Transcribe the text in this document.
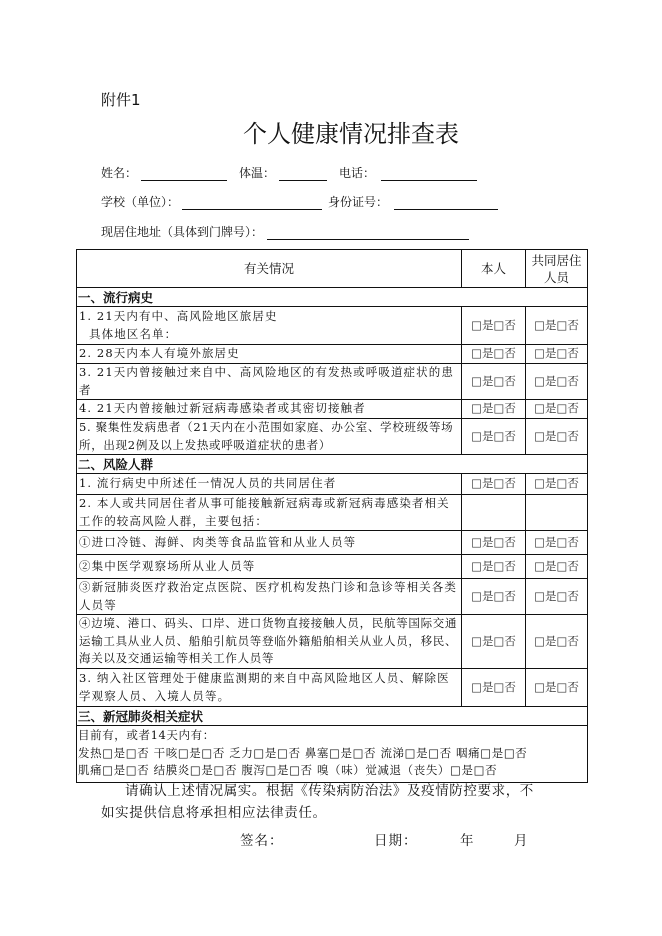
附件1
个人健康情况排查表
姓名：	体温：	电话：
学校（单位）：	身份证号：
现居住地址（具体到门牌号）：
有关情况	本人	共同居住人员
一、流行病史		

1. 21天内有中、高风险地区旅居史
具体地区名单：	□是□否	□是□否
2. 28天内本人有境外旅居史	□是□否	□是□否
3. 21天内曾接触过来自中、高风险地区的有发热或呼吸道症状的患者	□是□否	□是□否
4. 21天内曾接触过新冠病毒感染者或其密切接触者	□是□否	□是□否
5. 聚集性发病患者（21天内在小范围如家庭、办公室、学校班级等场所，出现2例及以上发热或呼吸道症状的患者）	□是□否	□是□否
二、风险人群		
1. 流行病史中所述任一情况人员的共同居住者	□是□否	□是□否
2. 本人或共同居住者从事可能接触新冠病毒或新冠病毒感染者相关工作的较高风险人群，主要包括：		
①进口冷链、海鲜、肉类等食品监管和从业人员等	□是□否	□是□否
②集中医学观察场所从业人员等	□是□否	□是□否
③新冠肺炎医疗救治定点医院、医疗机构发热门诊和急诊等相关各类人员等	□是□否	□是□否
④边境、港口、码头、口岸、进口货物直接接触人员，民航等国际交通运输工具从业人员、船舶引航员等登临外籍船舶相关从业人员，移民、海关以及交通运输等相关工作人员等	□是□否	□是□否
3. 纳入社区管理处于健康监测期的来自中高风险地区人员、解除医学观察人员、入境人员等。	□是□否	□是□否
三、新冠肺炎相关症状		

目前有，或者14天内有：
发热□是□否 干咳□是□否 乏力□是□否 鼻塞□是□否 流涕□是□否 咽痛□是□否
肌痛□是□否 结膜炎□是□否 腹泻□是□否 嗅（味）觉减退（丧失）□是□否		
请确认上述情况属实。根据《传染病防治法》及疫情防控要求，不
如实提供信息将承担相应法律责任。
签名：	日期：	年	月
